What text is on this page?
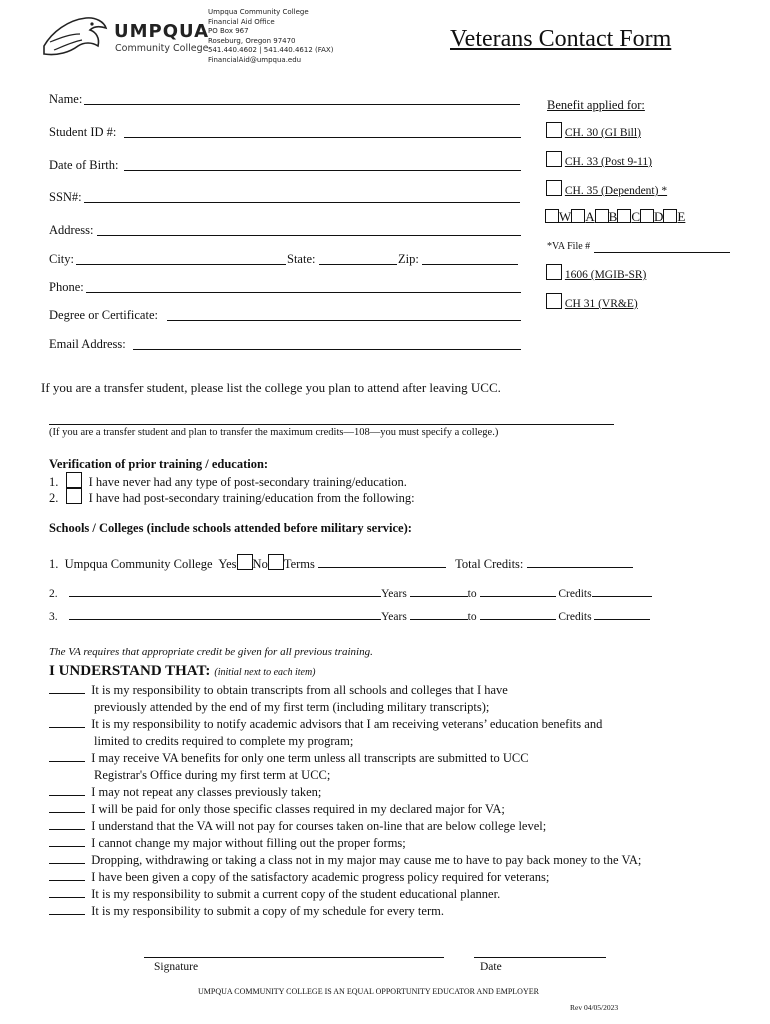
UMPQUA
Community College
Umpqua Community College
Financial Aid Office
PO Box 967
Roseburg, Oregon 97470
541.440.4602 | 541.440.4612 (FAX)
FinancialAid@umpqua.edu
Veterans Contact Form
Name:
Student ID #:
Date of Birth:
SSN#:
Address:
City:	State:	Zip:
Phone:
Degree or Certificate:
Email Address:
Benefit applied for:
CH. 30 (GI Bill)
CH. 33 (Post 9-11)
CH. 35 (Dependent) *
W A B C D E
*VA File #
1606 (MGIB-SR)
CH 31 (VR&E)
If you are a transfer student, please list the college you plan to attend after leaving UCC.
(If you are a transfer student and plan to transfer the maximum credits—108—you must specify a college.)
Verification of prior training / education:
1. I have never had any type of post-secondary training/education.
2. I have had post-secondary training/education from the following:
Schools / Colleges (include schools attended before military service):
1. Umpqua Community College Yes No Terms	Total Credits:
2.	Years	to	Credits
3.	Years	to	Credits
The VA requires that appropriate credit be given for all previous training.
I UNDERSTAND THAT: (initial next to each item)
It is my responsibility to obtain transcripts from all schools and colleges that I have
previously attended by the end of my first term (including military transcripts);
It is my responsibility to notify academic advisors that I am receiving veterans’ education benefits and
limited to credits required to complete my program;
I may receive VA benefits for only one term unless all transcripts are submitted to UCC
Registrar's Office during my first term at UCC;
I may not repeat any classes previously taken;
I will be paid for only those specific classes required in my declared major for VA;
I understand that the VA will not pay for courses taken on-line that are below college level;
I cannot change my major without filling out the proper forms;
Dropping, withdrawing or taking a class not in my major may cause me to have to pay back money to the VA;
I have been given a copy of the satisfactory academic progress policy required for veterans;
It is my responsibility to submit a current copy of the student educational planner.
It is my responsibility to submit a copy of my schedule for every term.
Signature	Date
UMPQUA COMMUNITY COLLEGE IS AN EQUAL OPPORTUNITY EDUCATOR AND EMPLOYER
Rev 04/05/2023
